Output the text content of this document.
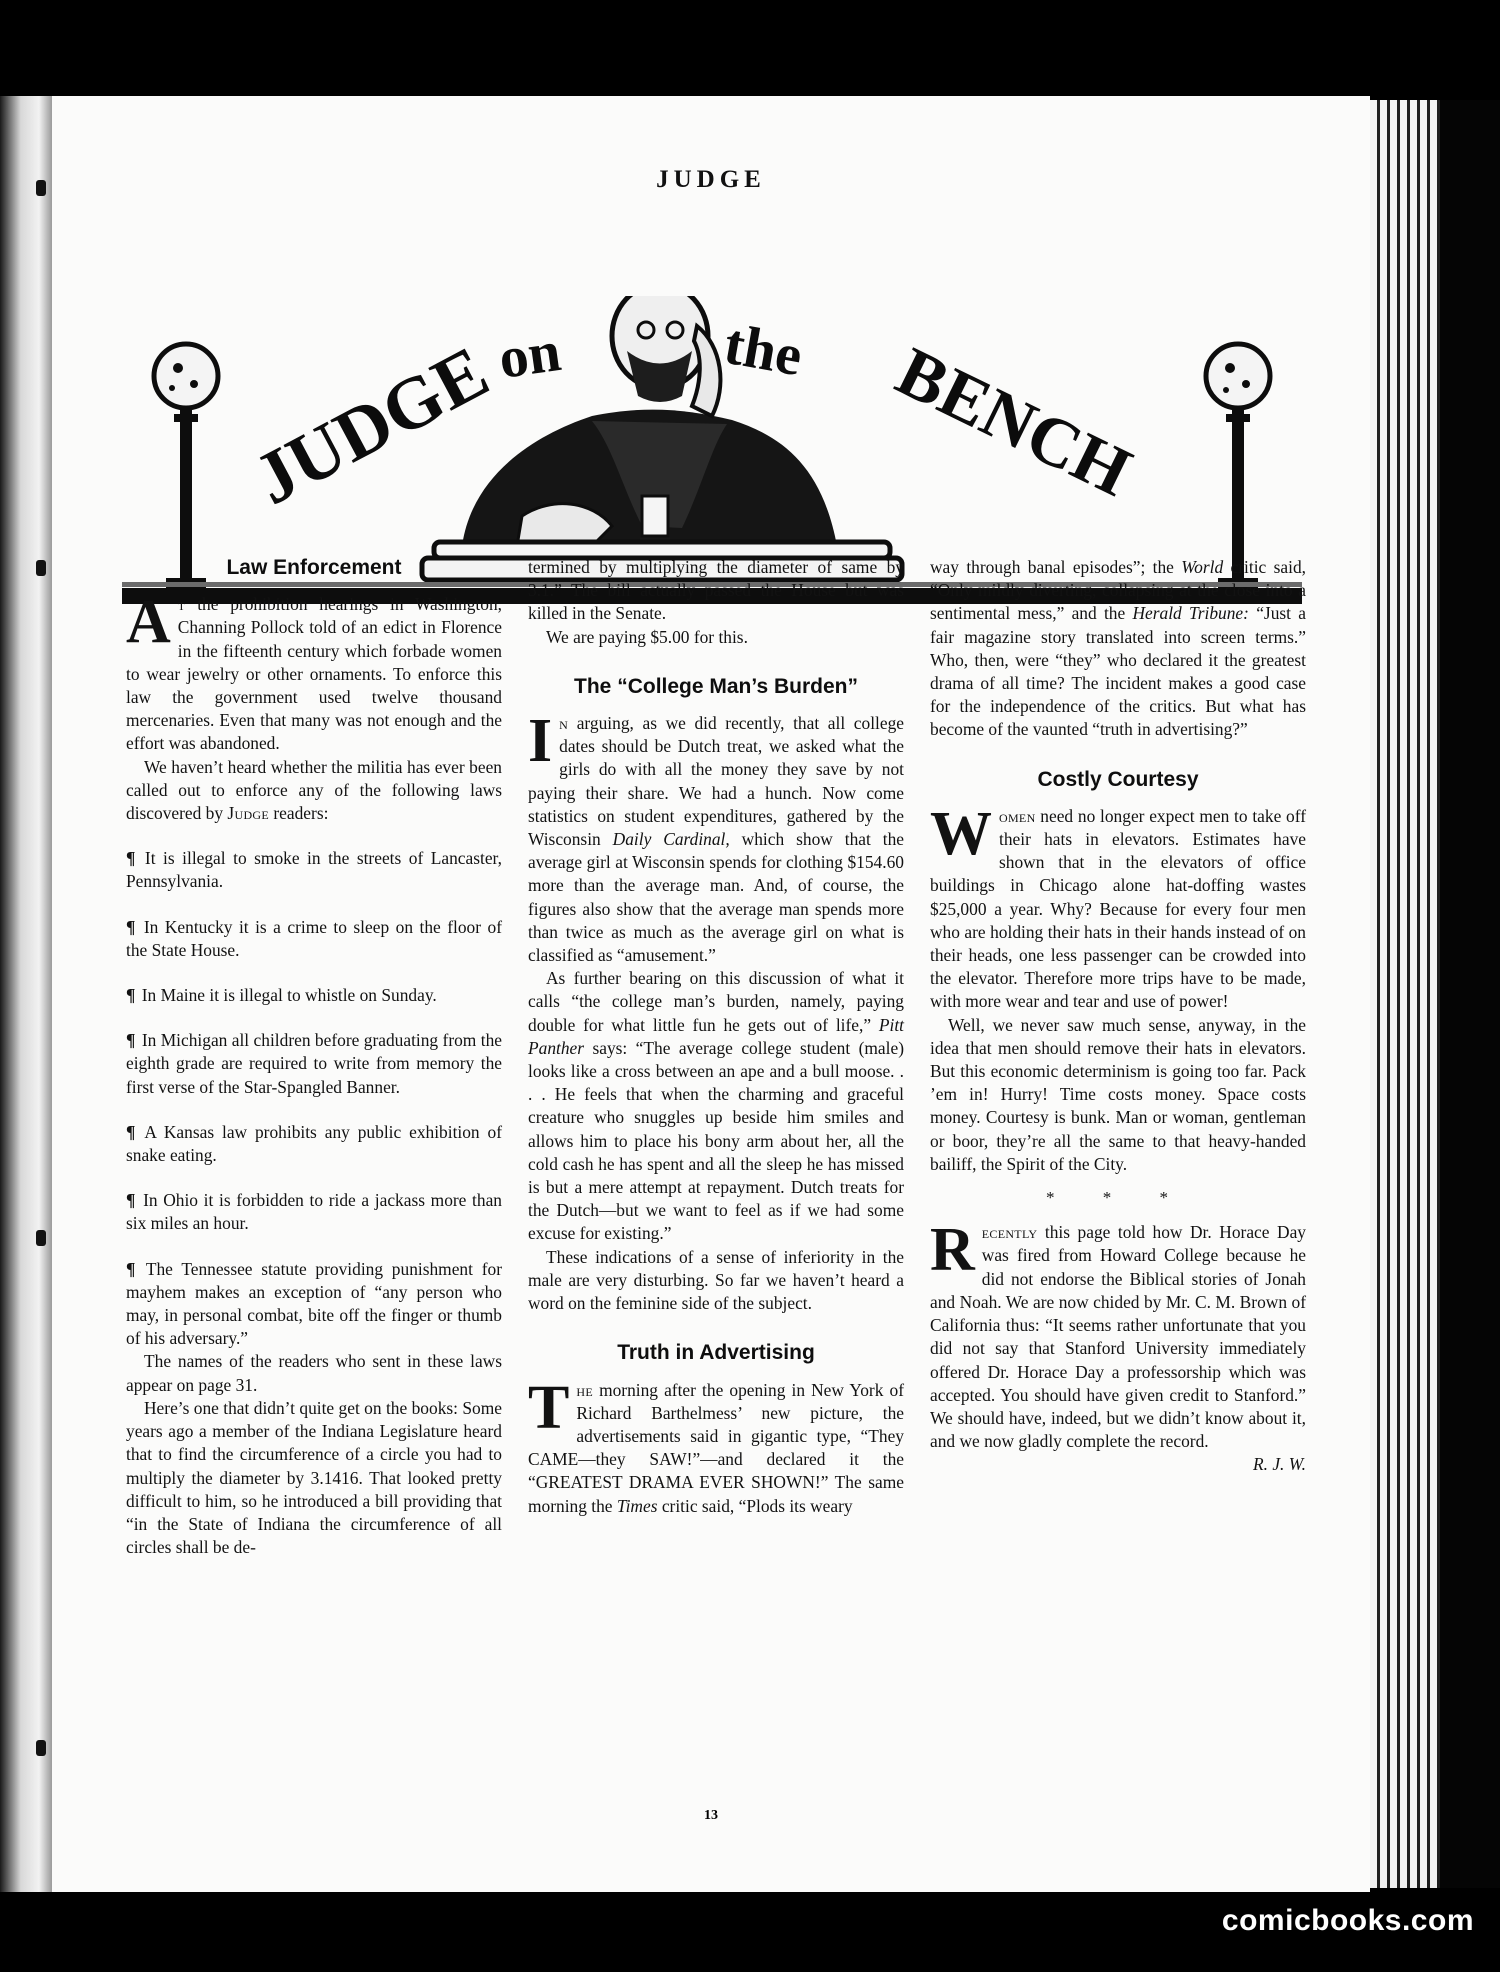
JUDGE
JUDGE
on	the BENCH
Law Enforcement

At the prohibition hearings in Washington, Channing Pollock told of an edict in Florence in the fifteenth century which forbade women to wear jewelry or other ornaments. To enforce this law the government used twelve thousand mercenaries. Even that many was not enough and the effort was abandoned.

We haven’t heard whether the militia has ever been called out to enforce any of the following laws discovered by Judge readers:

¶ It is illegal to smoke in the streets of Lancaster, Pennsylvania.

¶ In Kentucky it is a crime to sleep on the floor of the State House.

¶ In Maine it is illegal to whistle on Sunday.

¶ In Michigan all children before graduating from the eighth grade are required to write from memory the first verse of the Star-Spangled Banner.

¶ A Kansas law prohibits any public exhibition of snake eating.

¶ In Ohio it is forbidden to ride a jackass more than six miles an hour.

¶ The Tennessee statute providing punishment for mayhem makes an exception of “any person who may, in personal combat, bite off the finger or thumb of his adversary.”

The names of the readers who sent in these laws appear on page 31.

Here’s one that didn’t quite get on the books: Some years ago a member of the Indiana Legislature heard that to find the circumference of a circle you had to multiply the diameter by 3.1416. That looked pretty difficult to him, so he introduced a bill providing that “in the State of Indiana the circumference of all circles shall be de-

termined by multiplying the diameter of same by 3.1.” The bill actually passed the House but was killed in the Senate.

We are paying $5.00 for this.

The “College Man’s Burden”

In arguing, as we did recently, that all college dates should be Dutch treat, we asked what the girls do with all the money they save by not paying their share. We had a hunch. Now come statistics on student expenditures, gathered by the Wisconsin Daily Cardinal, which show that the average girl at Wisconsin spends for clothing $154.60 more than the average man. And, of course, the figures also show that the average man spends more than twice as much as the average girl on what is classified as “amusement.”

As further bearing on this discussion of what it calls “the college man’s burden, namely, paying double for what little fun he gets out of life,” Pitt Panther says: “The average college student (male) looks like a cross between an ape and a bull moose. . . . He feels that when the charming and graceful creature who snuggles up beside him smiles and allows him to place his bony arm about her, all the cold cash he has spent and all the sleep he has missed is but a mere attempt at repayment. Dutch treats for the Dutch—but we want to feel as if we had some excuse for existing.”

These indications of a sense of inferiority in the male are very disturbing. So far we haven’t heard a word on the feminine side of the subject.

Truth in Advertising

The morning after the opening in New York of Richard Barthelmess’ new picture, the advertisements said in gigantic type, “They CAME—they SAW!”—and declared it the “GREATEST DRAMA EVER SHOWN!” The same morning the Times critic said, “Plods its weary

way through banal episodes”; the World critic said, “Only mildly diverting, collapsing at the close into a sentimental mess,” and the Herald Tribune: “Just a fair magazine story translated into screen terms.” Who, then, were “they” who declared it the greatest drama of all time? The incident makes a good case for the independence of the critics. But what has become of the vaunted “truth in advertising?”

Costly Courtesy

Women need no longer expect men to take off their hats in elevators. Estimates have shown that in the elevators of office buildings in Chicago alone hat-doffing wastes $25,000 a year. Why? Because for every four men who are holding their hats in their hands instead of on their heads, one less passenger can be crowded into the elevator. Therefore more trips have to be made, with more wear and tear and use of power!

Well, we never saw much sense, anyway, in the idea that men should remove their hats in elevators. But this economic determinism is going too far. Pack ’em in! Hurry! Time costs money. Space costs money. Courtesy is bunk. Man or woman, gentleman or boor, they’re all the same to that heavy-handed bailiff, the Spirit of the City.

* * *

Recently this page told how Dr. Horace Day was fired from Howard College because he did not endorse the Biblical stories of Jonah and Noah. We are now chided by Mr. C. M. Brown of California thus: “It seems rather unfortunate that you did not say that Stanford University immediately offered Dr. Horace Day a professorship which was accepted. You should have given credit to Stanford.” We should have, indeed, but we didn’t know about it, and we now gladly complete the record.

R. J. W.

13
comicbooks.com
